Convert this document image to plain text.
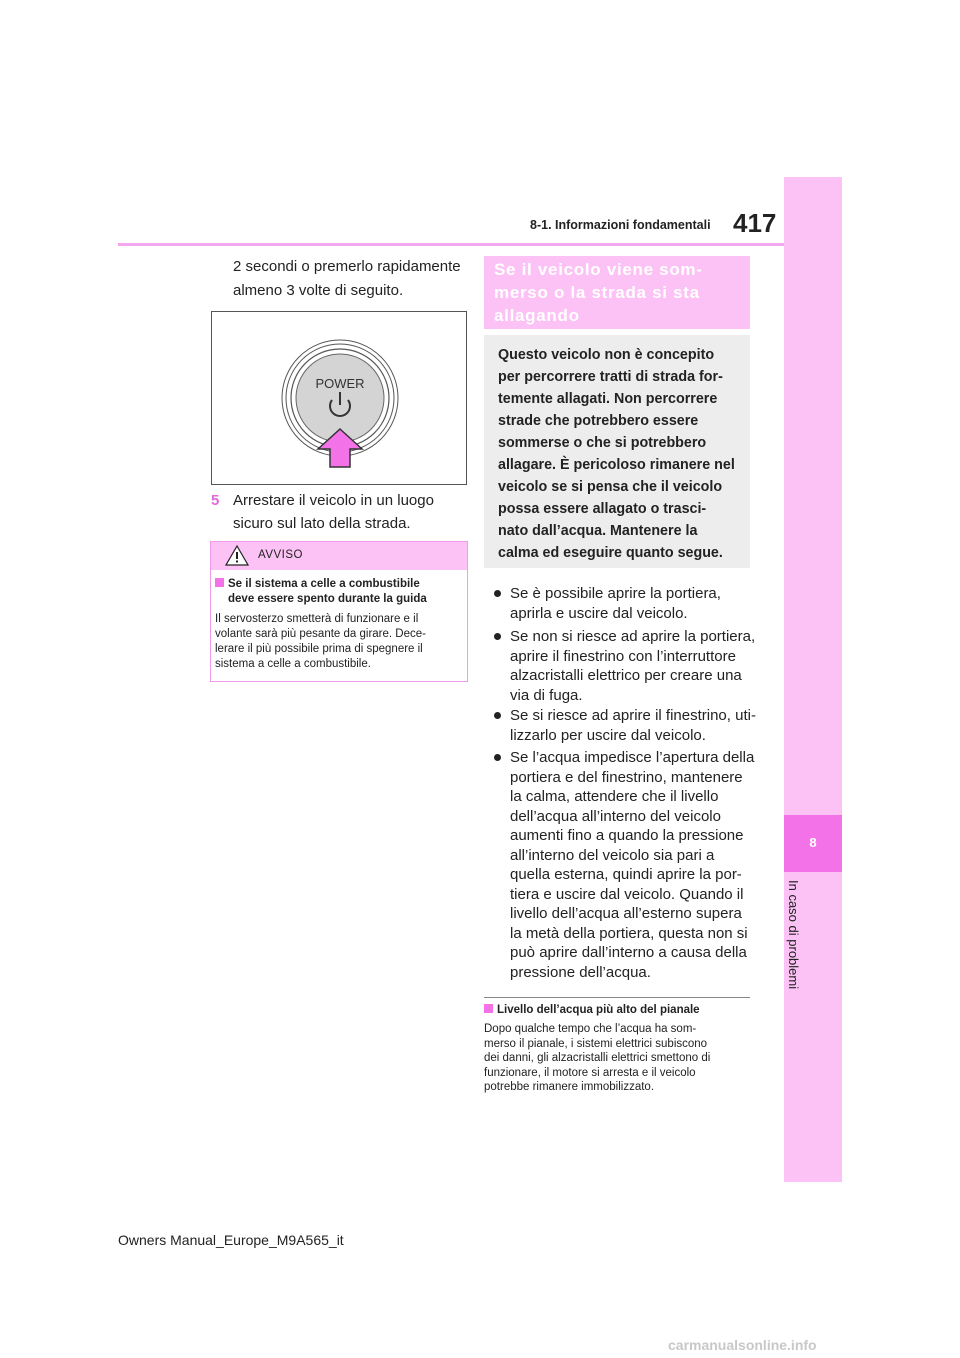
8-1. Informazioni fondamentali 417
8
In caso di problemi
2 secondi o premerlo rapidamente
almeno 3 volte di seguito.
POWER
5 Arrestare il veicolo in un luogo
sicuro sul lato della strada.
AVVISO
Se il sistema a celle a combustibile
deve essere spento durante la guida
Il servosterzo smetterà di funzionare e il
volante sarà più pesante da girare. Dece-
lerare il più possibile prima di spegnere il
sistema a celle a combustibile.
Se il veicolo viene som-
merso o la strada si sta
allagando
Questo veicolo non è concepito
per percorrere tratti di strada for-
temente allagati. Non percorrere
strade che potrebbero essere
sommerse o che si potrebbero
allagare. È pericoloso rimanere nel
veicolo se si pensa che il veicolo
possa essere allagato o trasci-
nato dall’acqua. Mantenere la
calma ed eseguire quanto segue.
Se è possibile aprire la portiera,
aprirla e uscire dal veicolo.
Se non si riesce ad aprire la portiera,
aprire il finestrino con l’interruttore
alzacristalli elettrico per creare una
via di fuga.
Se si riesce ad aprire il finestrino, uti-
lizzarlo per uscire dal veicolo.
Se l’acqua impedisce l’apertura della
portiera e del finestrino, mantenere
la calma, attendere che il livello
dell’acqua all’interno del veicolo
aumenti fino a quando la pressione
all’interno del veicolo sia pari a
quella esterna, quindi aprire la por-
tiera e uscire dal veicolo. Quando il
livello dell’acqua all’esterno supera
la metà della portiera, questa non si
può aprire dall’interno a causa della
pressione dell’acqua.
Livello dell’acqua più alto del pianale
Dopo qualche tempo che l’acqua ha som-
merso il pianale, i sistemi elettrici subiscono
dei danni, gli alzacristalli elettrici smettono di
funzionare, il motore si arresta e il veicolo
potrebbe rimanere immobilizzato.
Owners Manual_Europe_M9A565_it
carmanualsonline.info
